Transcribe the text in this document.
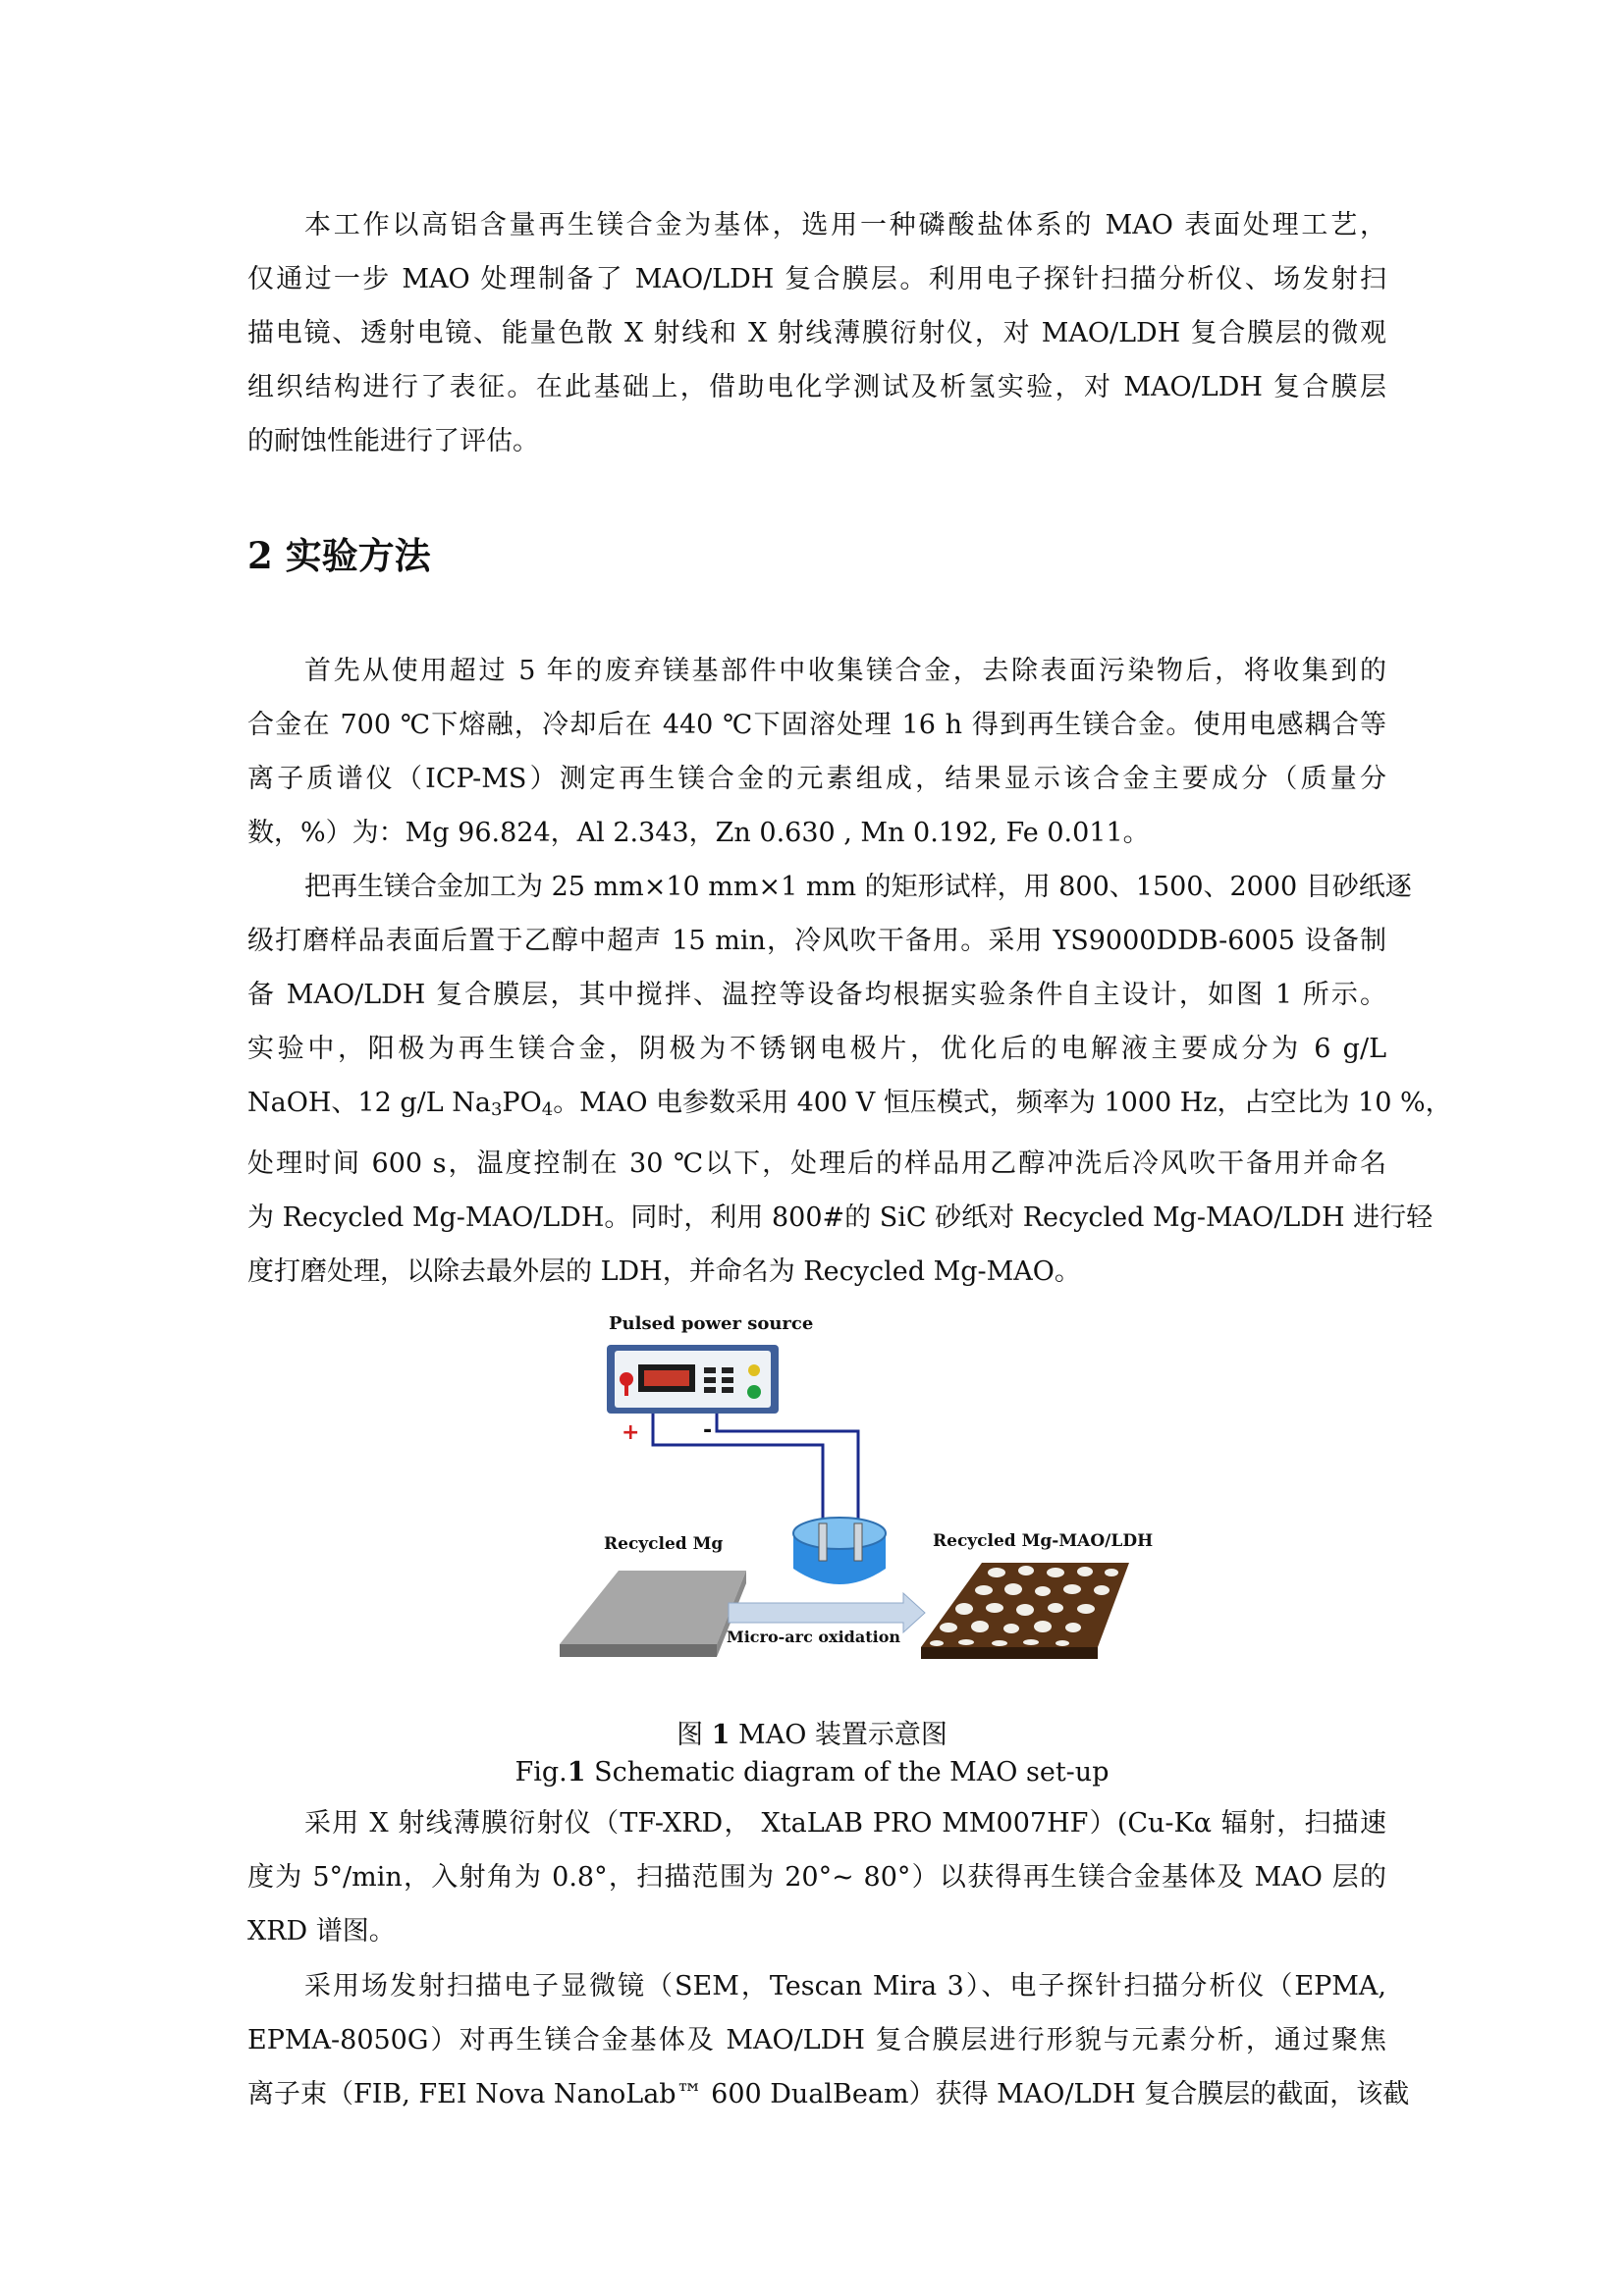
本工作以高铝含量再生镁合金为基体，选用一种磷酸盐体系的 MAO 表面处理工艺，
仅通过一步 MAO 处理制备了 MAO/LDH 复合膜层。利用电子探针扫描分析仪、场发射扫
描电镜、透射电镜、能量色散 X 射线和 X 射线薄膜衍射仪，对 MAO/LDH 复合膜层的微观
组织结构进行了表征。在此基础上，借助电化学测试及析氢实验，对 MAO/LDH 复合膜层
的耐蚀性能进行了评估。
2 实验方法
首先从使用超过 5 年的废弃镁基部件中收集镁合金，去除表面污染物后，将收集到的
合金在 700 ℃下熔融，冷却后在 440 ℃下固溶处理 16 h 得到再生镁合金。使用电感耦合等
离子质谱仪（ICP-MS）测定再生镁合金的元素组成，结果显示该合金主要成分（质量分
数，%）为：Mg 96.824，Al 2.343，Zn 0.630 , Mn 0.192, Fe 0.011。
把再生镁合金加工为 25 mm×10 mm×1 mm 的矩形试样，用 800、1500、2000 目砂纸逐
级打磨样品表面后置于乙醇中超声 15 min，冷风吹干备用。采用 YS9000DDB-6005 设备制
备 MAO/LDH 复合膜层，其中搅拌、温控等设备均根据实验条件自主设计，如图 1 所示。
实验中，阳极为再生镁合金，阴极为不锈钢电极片，优化后的电解液主要成分为 6 g/L
NaOH、12 g/L $Na_3PO_4$。MAO 电参数采用 400 V 恒压模式，频率为 1000 Hz，占空比为 10 %，
处理时间 600 s，温度控制在 30 ℃以下，处理后的样品用乙醇冲洗后冷风吹干备用并命名
为 Recycled Mg-MAO/LDH。同时，利用 800#的 SiC 砂纸对 Recycled Mg-MAO/LDH 进行轻
度打磨处理，以除去最外层的 LDH，并命名为 Recycled Mg-MAO。
Pulsed power source
+	-
Recycled Mg	Recycled Mg-MAO/LDH
Micro-arc oxidation
图 1 MAO 装置示意图
Fig.1 Schematic diagram of the MAO set-up
采用 X 射线薄膜衍射仪（TF-XRD， XtaLAB PRO MM007HF）(Cu-Kα 辐射，扫描速
度为 5°/min，入射角为 0.8°，扫描范围为 20°~ 80°）以获得再生镁合金基体及 MAO 层的
XRD 谱图。
采用场发射扫描电子显微镜（SEM，Tescan Mira 3）、电子探针扫描分析仪（EPMA,
EPMA-8050G）对再生镁合金基体及 MAO/LDH 复合膜层进行形貌与元素分析，通过聚焦
离子束（FIB, FEI Nova NanoLab™ 600 DualBeam）获得 MAO/LDH 复合膜层的截面，该截
